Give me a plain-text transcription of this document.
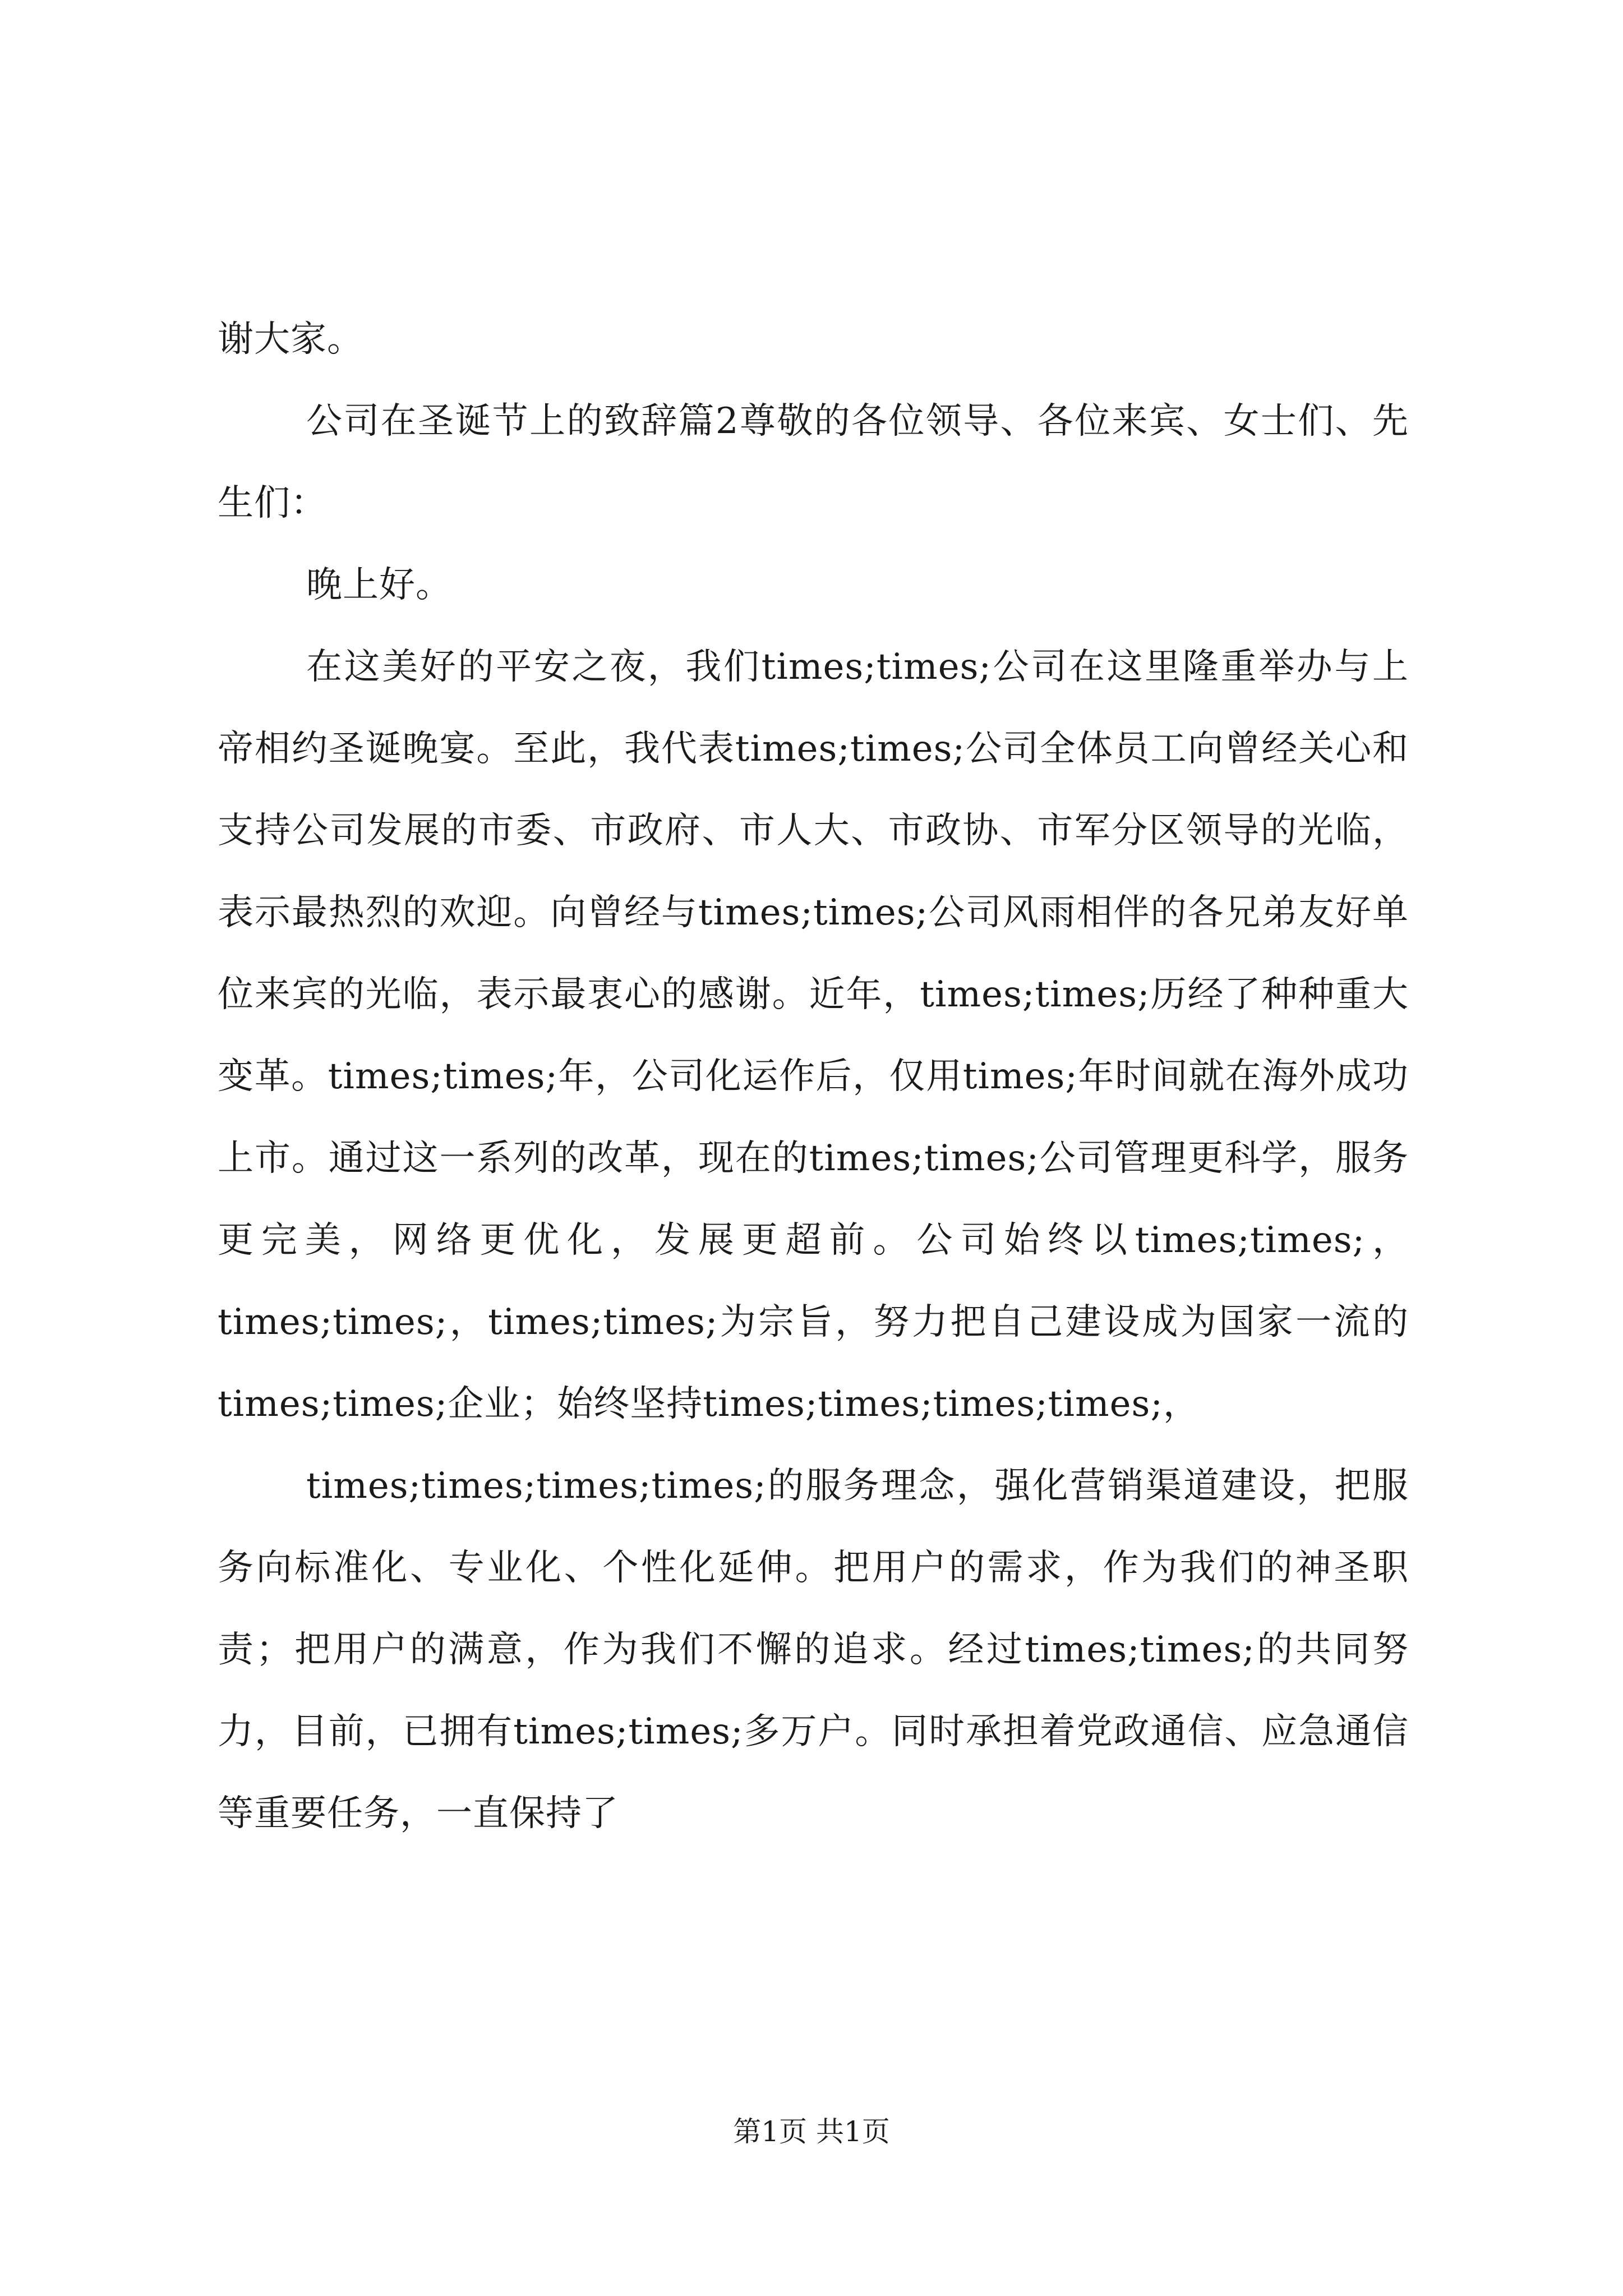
谢大家。

公司在圣诞节上的致辞篇2尊敬的各位领导、各位来宾、女士们、先生们：

晚上好。

在这美好的平安之夜，我们times;times;公司在这里隆重举办与上帝相约圣诞晚宴。至此，我代表times;times;公司全体员工向曾经关心和支持公司发展的市委、市政府、市人大、市政协、市军分区领导的光临，表示最热烈的欢迎。向曾经与times;times;公司风雨相伴的各兄弟友好单位来宾的光临，表示最衷心的感谢。近年，times;times;历经了种种重大变革。times;times;年，公司化运作后，仅用times;年时间就在海外成功上市。通过这一系列的改革，现在的times;times;公司管理更科学，服务更完美，网络更优化，发展更超前。公司始终以times;times;，times;times;，times;times;为宗旨，努力把自己建设成为国家一流的times;times;企业；始终坚持times;times;times;times;，

times;times;times;times;的服务理念，强化营销渠道建设，把服务向标准化、专业化、个性化延伸。把用户的需求，作为我们的神圣职责；把用户的满意，作为我们不懈的追求。经过times;times;的共同努力，目前，已拥有times;times;多万户。同时承担着党政通信、应急通信等重要任务，一直保持了

第1页 共1页
